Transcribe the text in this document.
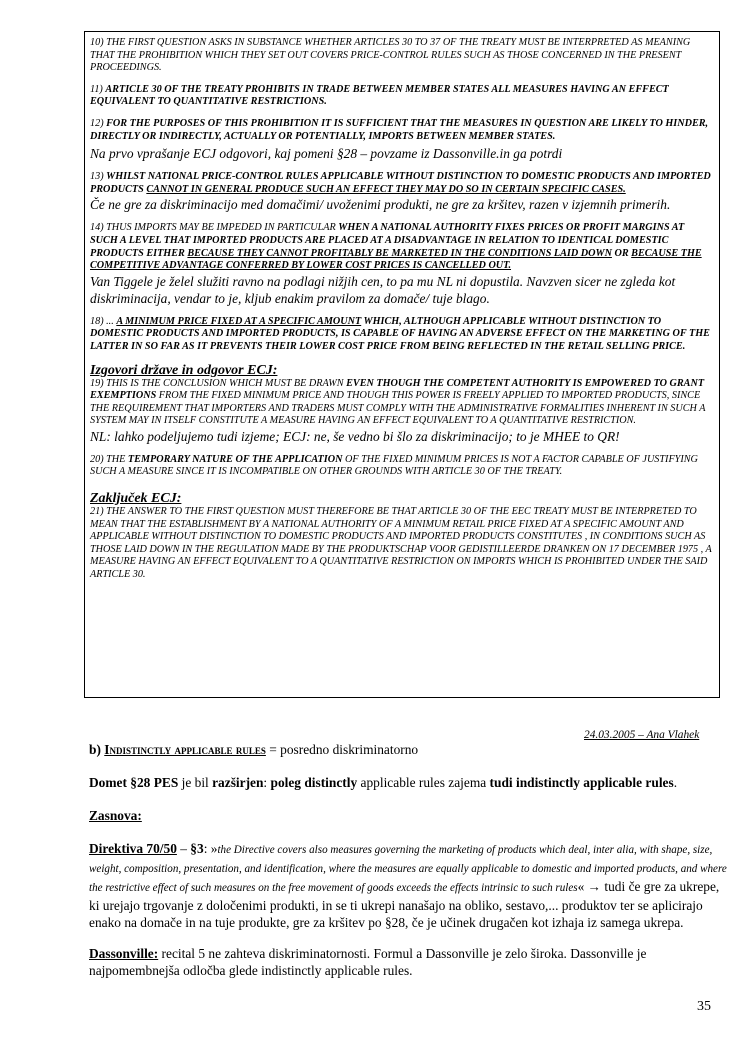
10) THE FIRST QUESTION ASKS IN SUBSTANCE WHETHER ARTICLES 30 TO 37 OF THE TREATY MUST BE INTERPRETED AS MEANING THAT THE PROHIBITION WHICH THEY SET OUT COVERS PRICE-CONTROL RULES SUCH AS THOSE CONCERNED IN THE PRESENT PROCEEDINGS.

11) ARTICLE 30 OF THE TREATY PROHIBITS IN TRADE BETWEEN MEMBER STATES ALL MEASURES HAVING AN EFFECT EQUIVALENT TO QUANTITATIVE RESTRICTIONS.

12) FOR THE PURPOSES OF THIS PROHIBITION IT IS SUFFICIENT THAT THE MEASURES IN QUESTION ARE LIKELY TO HINDER, DIRECTLY OR INDIRECTLY, ACTUALLY OR POTENTIALLY, IMPORTS BETWEEN MEMBER STATES.

Na prvo vprašanje ECJ odgovori, kaj pomeni §28 – povzame iz Dassonville.in ga potrdi

13) WHILST NATIONAL PRICE-CONTROL RULES APPLICABLE WITHOUT DISTINCTION TO DOMESTIC PRODUCTS AND IMPORTED PRODUCTS CANNOT IN GENERAL PRODUCE SUCH AN EFFECT THEY MAY DO SO IN CERTAIN SPECIFIC CASES.

Če ne gre za diskriminacijo med domačimi/ uvoženimi produkti, ne gre za kršitev, razen v izjemnih primerih.

14) THUS IMPORTS MAY BE IMPEDED IN PARTICULAR WHEN A NATIONAL AUTHORITY FIXES PRICES OR PROFIT MARGINS AT SUCH A LEVEL THAT IMPORTED PRODUCTS ARE PLACED AT A DISADVANTAGE IN RELATION TO IDENTICAL DOMESTIC PRODUCTS EITHER BECAUSE THEY CANNOT PROFITABLY BE MARKETED IN THE CONDITIONS LAID DOWN OR BECAUSE THE COMPETITIVE ADVANTAGE CONFERRED BY LOWER COST PRICES IS CANCELLED OUT.

Van Tiggele je želel služiti ravno na podlagi nižjih cen, to pa mu NL ni dopustila. Navzven sicer ne zgleda kot diskriminacija, vendar to je, kljub enakim pravilom za domače/ tuje blago.

18) ... A MINIMUM PRICE FIXED AT A SPECIFIC AMOUNT WHICH, ALTHOUGH APPLICABLE WITHOUT DISTINCTION TO DOMESTIC PRODUCTS AND IMPORTED PRODUCTS, IS CAPABLE OF HAVING AN ADVERSE EFFECT ON THE MARKETING OF THE LATTER IN SO FAR AS IT PREVENTS THEIR LOWER COST PRICE FROM BEING REFLECTED IN THE RETAIL SELLING PRICE.

Izgovori države in odgovor ECJ:

19) THIS IS THE CONCLUSION WHICH MUST BE DRAWN EVEN THOUGH THE COMPETENT AUTHORITY IS EMPOWERED TO GRANT EXEMPTIONS FROM THE FIXED MINIMUM PRICE AND THOUGH THIS POWER IS FREELY APPLIED TO IMPORTED PRODUCTS, SINCE THE REQUIREMENT THAT IMPORTERS AND TRADERS MUST COMPLY WITH THE ADMINISTRATIVE FORMALITIES INHERENT IN SUCH A SYSTEM MAY IN ITSELF CONSTITUTE A MEASURE HAVING AN EFFECT EQUIVALENT TO A QUANTITATIVE RESTRICTION.

NL: lahko podeljujemo tudi izjeme; ECJ: ne, še vedno bi šlo za diskriminacijo; to je MHEE to QR!

20) THE TEMPORARY NATURE OF THE APPLICATION OF THE FIXED MINIMUM PRICES IS NOT A FACTOR CAPABLE OF JUSTIFYING SUCH A MEASURE SINCE IT IS INCOMPATIBLE ON OTHER GROUNDS WITH ARTICLE 30 OF THE TREATY.

Zaključek ECJ:

21) THE ANSWER TO THE FIRST QUESTION MUST THEREFORE BE THAT ARTICLE 30 OF THE EEC TREATY MUST BE INTERPRETED TO MEAN THAT THE ESTABLISHMENT BY A NATIONAL AUTHORITY OF A MINIMUM RETAIL PRICE FIXED AT A SPECIFIC AMOUNT AND APPLICABLE WITHOUT DISTINCTION TO DOMESTIC PRODUCTS AND IMPORTED PRODUCTS CONSTITUTES , IN CONDITIONS SUCH AS THOSE LAID DOWN IN THE REGULATION MADE BY THE PRODUKTSCHAP VOOR GEDISTILLEERDE DRANKEN ON 17 DECEMBER 1975 , A MEASURE HAVING AN EFFECT EQUIVALENT TO A QUANTITATIVE RESTRICTION ON IMPORTS WHICH IS PROHIBITED UNDER THE SAID ARTICLE 30.

24.03.2005 – Ana Vlahek
b) Indistinctly applicable rules = posredno diskriminatorno
Domet §28 PES je bil razširjen: poleg distinctly applicable rules zajema tudi indistinctly applicable rules.
Zasnova:
Direktiva 70/50 – §3: »the Directive covers also measures governing the marketing of products which deal, inter alia, with shape, size, weight, composition, presentation, and identification, where the measures are equally applicable to domestic and imported products, and where the restrictive effect of such measures on the free movement of goods exceeds the effects intrinsic to such rules« → tudi če gre za ukrepe, ki urejajo trgovanje z določenimi produkti, in se ti ukrepi nanašajo na obliko, sestavo,... produktov ter se aplicirajo enako na domače in na tuje produkte, gre za kršitev po §28, če je učinek drugačen kot izhaja iz samega ukrepa.
Dassonville: recital 5 ne zahteva diskriminatornosti. Formul a Dassonville je zelo široka. Dassonville je najpomembnejša odločba glede indistinctly applicable rules.
35
